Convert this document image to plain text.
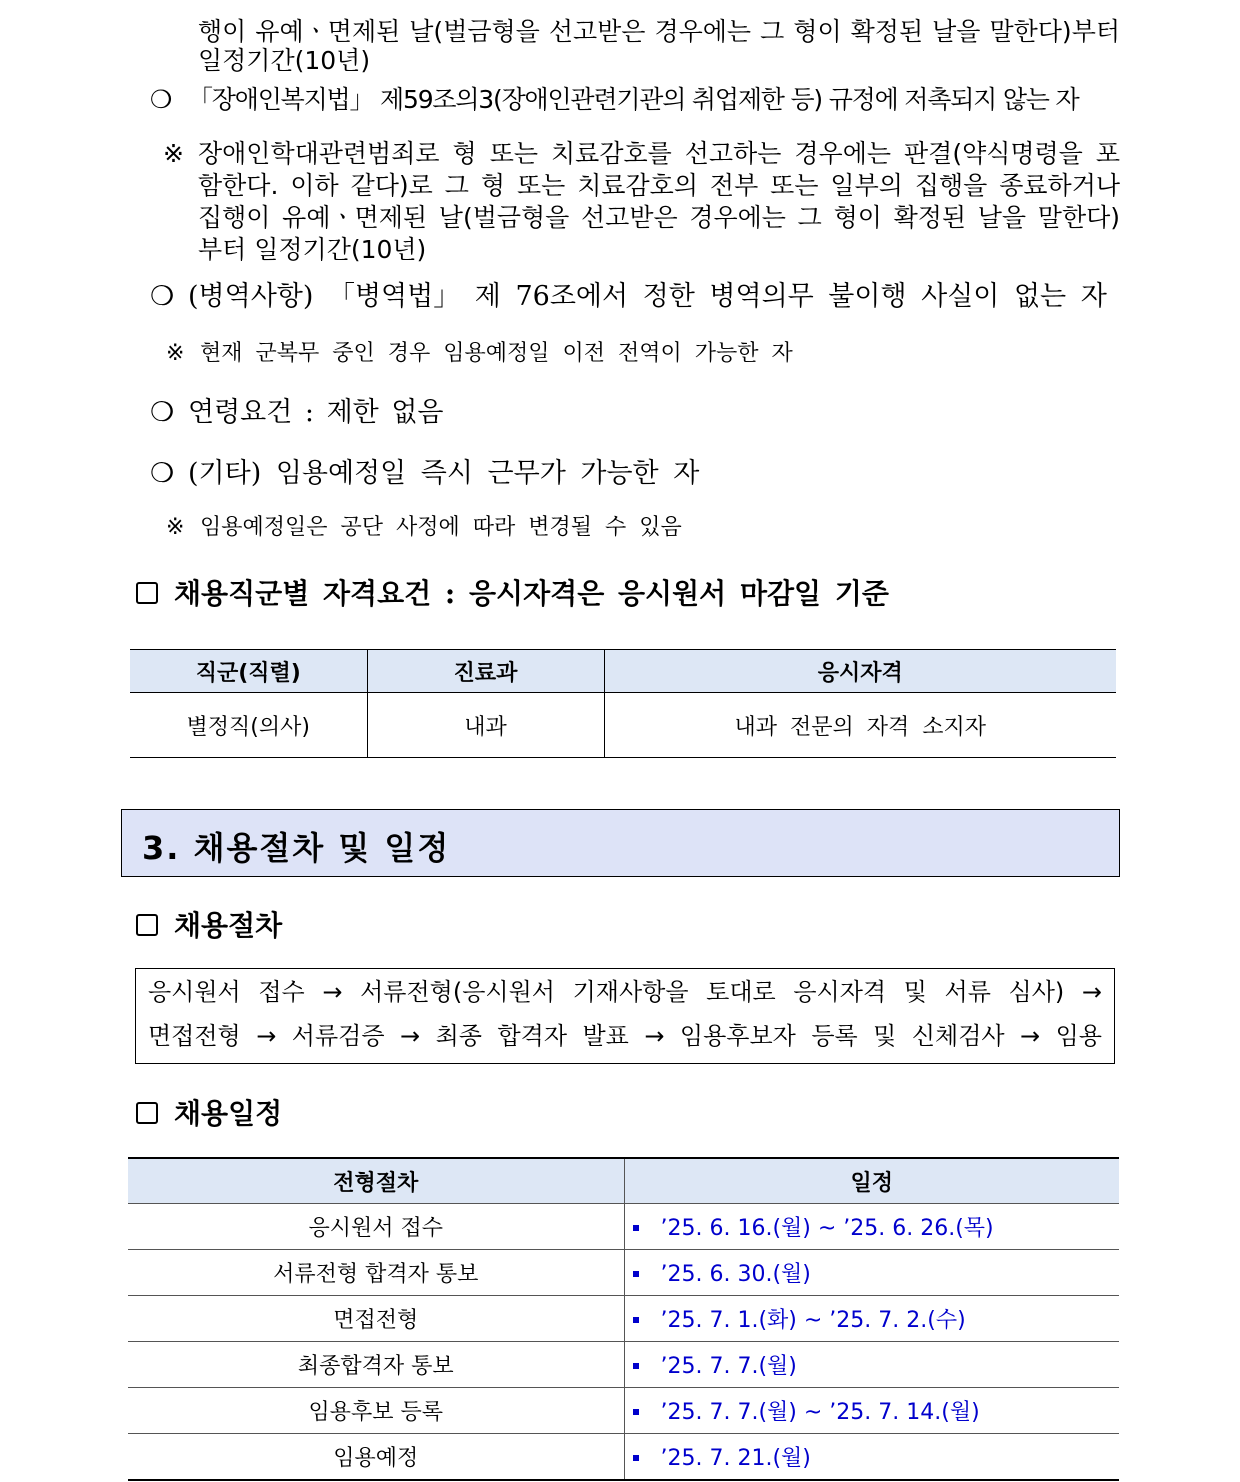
행이 유예ㆍ면제된 날(벌금형을 선고받은 경우에는 그 형이 확정된 날을 말한다)부터
일정기간(10년)
❍ 「장애인복지법」 제59조의3(장애인관련기관의 취업제한 등) 규정에 저촉되지 않는 자
※ 장애인학대관련범죄로 형 또는 치료감호를 선고하는 경우에는 판결(약식명령을 포
함한다. 이하 같다)로 그 형 또는 치료감호의 전부 또는 일부의 집행을 종료하거나
집행이 유예ㆍ면제된 날(벌금형을 선고받은 경우에는 그 형이 확정된 날을 말한다)
부터 일정기간(10년)
❍ (병역사항) 「병역법」 제 76조에서 정한 병역의무 불이행 사실이 없는 자
※ 현재 군복무 중인 경우 임용예정일 이전 전역이 가능한 자
❍ 연령요건 : 제한 없음
❍ (기타) 임용예정일 즉시 근무가 가능한 자
※ 임용예정일은 공단 사정에 따라 변경될 수 있음
채용직군별 자격요건 : 응시자격은 응시원서 마감일 기준
직군(직렬)	진료과	응시자격
별정직(의사)	내과	내과 전문의 자격 소지자
3. 채용절차 및 일정
채용절차
응시원서 접수 → 서류전형(응시원서 기재사항을 토대로 응시자격 및 서류 심사) →
면접전형 → 서류검증 → 최종 합격자 발표 → 임용후보자 등록 및 신체검사 → 임용
채용일정
전형절차	일정
응시원서 접수	’25. 6. 16.(월) ~ ’25. 6. 26.(목)
서류전형 합격자 통보	’25. 6. 30.(월)
면접전형	’25. 7. 1.(화) ~ ’25. 7. 2.(수)
최종합격자 통보	’25. 7. 7.(월)
임용후보 등록	’25. 7. 7.(월) ~ ’25. 7. 14.(월)
임용예정	’25. 7. 21.(월)
